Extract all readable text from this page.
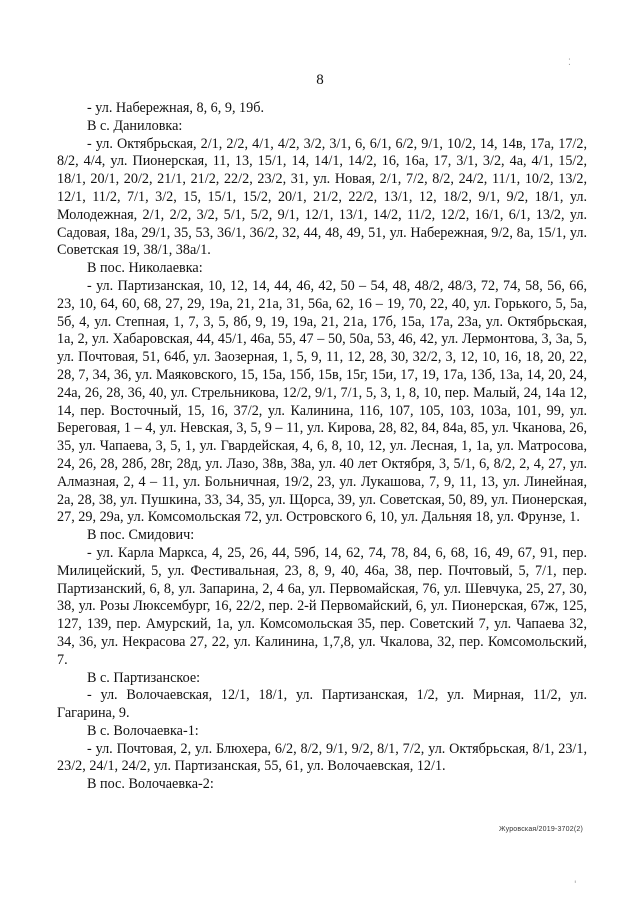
8

- ул. Набережная, 8, 6, 9, 19б.

В с. Даниловка:

- ул. Октябрьская, 2/1, 2/2, 4/1, 4/2, 3/2, 3/1, 6, 6/1, 6/2, 9/1, 10/2, 14, 14в, 17а, 17/2, 8/2, 4/4, ул. Пионерская, 11, 13, 15/1, 14, 14/1, 14/2, 16, 16а, 17, 3/1, 3/2, 4а, 4/1, 15/2, 18/1, 20/1, 20/2, 21/1, 21/2, 22/2, 23/2, 31, ул. Новая, 2/1, 7/2, 8/2, 24/2, 11/1, 10/2, 13/2, 12/1, 11/2, 7/1, 3/2, 15, 15/1, 15/2, 20/1, 21/2, 22/2, 13/1, 12, 18/2, 9/1, 9/2, 18/1, ул. Молодежная, 2/1, 2/2, 3/2, 5/1, 5/2, 9/1, 12/1, 13/1, 14/2, 11/2, 12/2, 16/1, 6/1, 13/2, ул. Садовая, 18а, 29/1, 35, 53, 36/1, 36/2, 32, 44, 48, 49, 51, ул. Набережная, 9/2, 8а, 15/1, ул. Советская 19, 38/1, 38а/1.

В пос. Николаевка:

- ул. Партизанская, 10, 12, 14, 44, 46, 42, 50 – 54, 48, 48/2, 48/3, 72, 74, 58, 56, 66, 23, 10, 64, 60, 68, 27, 29, 19а, 21, 21а, 31, 56а, 62, 16 – 19, 70, 22, 40, ул. Горького, 5, 5а, 5б, 4, ул. Степная, 1, 7, 3, 5, 8б, 9, 19, 19а, 21, 21а, 17б, 15а, 17а, 23а, ул. Октябрьская, 1а, 2, ул. Хабаровская, 44, 45/1, 46а, 55, 47 – 50, 50а, 53, 46, 42, ул. Лермонтова, 3, 3а, 5, ул. Почтовая, 51, 64б, ул. Заозерная, 1, 5, 9, 11, 12, 28, 30, 32/2, 3, 12, 10, 16, 18, 20, 22, 28, 7, 34, 36, ул. Маяковского, 15, 15а, 15б, 15в, 15г, 15и, 17, 19, 17а, 13б, 13а, 14, 20, 24, 24а, 26, 28, 36, 40, ул. Стрельникова, 12/2, 9/1, 7/1, 5, 3, 1, 8, 10, пер. Малый, 24, 14а 12, 14, пер. Восточный, 15, 16, 37/2, ул. Калинина, 116, 107, 105, 103, 103а, 101, 99, ул. Береговая, 1 – 4, ул. Невская, 3, 5, 9 – 11, ул. Кирова, 28, 82, 84, 84а, 85, ул. Чканова, 26, 35, ул. Чапаева, 3, 5, 1, ул. Гвардейская, 4, 6, 8, 10, 12, ул. Лесная, 1, 1а, ул. Матросова, 24, 26, 28, 28б, 28г, 28д, ул. Лазо, 38в, 38а, ул. 40 лет Октября, 3, 5/1, 6, 8/2, 2, 4, 27, ул. Алмазная, 2, 4 – 11, ул. Больничная, 19/2, 23, ул. Лукашова, 7, 9, 11, 13, ул. Линейная, 2а, 28, 38, ул. Пушкина, 33, 34, 35, ул. Щорса, 39, ул. Советская, 50, 89, ул. Пионерская, 27, 29, 29а, ул. Комсомольская 72, ул. Островского 6, 10, ул. Дальняя 18, ул. Фрунзе, 1.

В пос. Смидович:

- ул. Карла Маркса, 4, 25, 26, 44, 59б, 14, 62, 74, 78, 84, 6, 68, 16, 49, 67, 91, пер. Милицейский, 5, ул. Фестивальная, 23, 8, 9, 40, 46а, 38, пер. Почтовый, 5, 7/1, пер. Партизанский, 6, 8, ул. Запарина, 2, 4 6а, ул. Первомайская, 76, ул. Шевчука, 25, 27, 30, 38, ул. Розы Люксембург, 16, 22/2, пер. 2-й Первомайский, 6, ул. Пионерская, 67ж, 125, 127, 139, пер. Амурский, 1а, ул. Комсомольская 35, пер. Советский 7, ул. Чапаева 32, 34, 36, ул. Некрасова 27, 22, ул. Калинина, 1,7,8, ул. Чкалова, 32, пер. Комсомольский, 7.

В с. Партизанское:

- ул. Волочаевская, 12/1, 18/1, ул. Партизанская, 1/2, ул. Мирная, 11/2, ул. Гагарина, 9.

В с. Волочаевка-1:

- ул. Почтовая, 2, ул. Блюхера, 6/2, 8/2, 9/1, 9/2, 8/1, 7/2, ул. Октябрьская, 8/1, 23/1, 23/2, 24/1, 24/2, ул. Партизанская, 55, 61, ул. Волочаевская, 12/1.

В пос. Волочаевка-2:

Журовская/2019-3702(2)
⁚
'
